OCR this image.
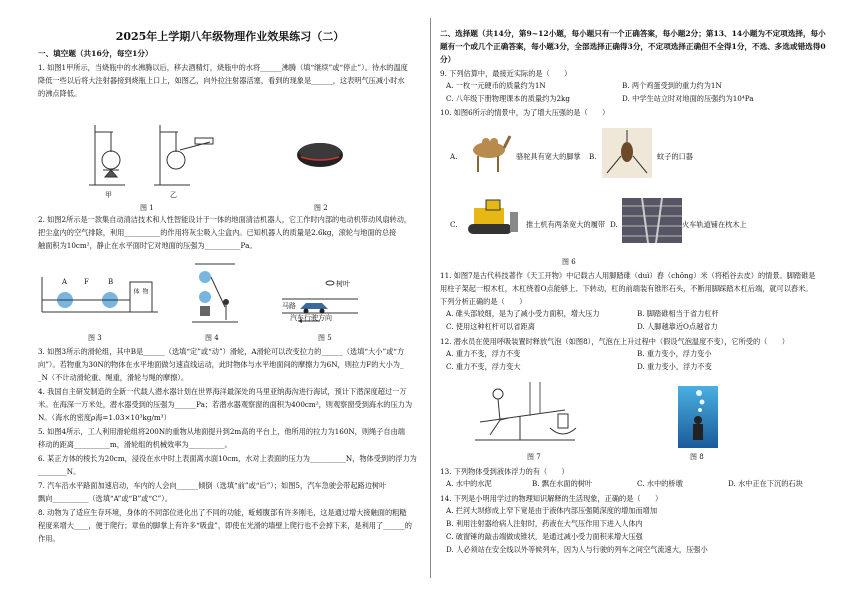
2025年上学期八年级物理作业效果练习（二）
一、填空题（共16分，每空1分）
1. 如图1甲所示，当烧瓶中的水沸腾以后，移去酒精灯，烧瓶中的水将______沸腾（填“继续”或“停止”）。待水的温度
降低一些以后将大注射器接到烧瓶上口上，如图乙，向外拉注射器活塞，看到的现象是______，这表明气压减小时水
的沸点降低。
甲	乙
图 1	图 2
2. 如图2所示是一款集自动清洁技术和人性智能设计于一体的地面清洁机器人，它工作时内部的电动机带动风扇转动，
把尘盒内的空气排除，利用__________的作用将灰尘吸入尘盒内。已知机器人的质量是2.6kg，滚轮与地面的总接
触面积为10cm²，静止在水平面时它对地面的压强为__________Pa。
A F	B
物体
图 3	图 4
树叶
马路
汽车行驶方向
图 5
3. 如图3所示的滑轮组，其中B是______（选填“定”或“动”）滑轮，A滑轮可以改变拉力的______（选填“大小”或“方
向”）。若物重为30N的物体在水平地面做匀速直线运动，此时物体与水平地面间的摩擦力为6N，则拉力F的大小为_
_N（不计动滑轮重、绳重，滑轮与绳的摩擦）。
4. 我国自主研发制造的全新一代载人潜水器计划在世界海洋最深处的马里亚纳海沟进行海试，预计下潜深度超过一万
米。在海深一万米处，潜水器受到的压强为______Pa；若潜水器观察窗的面积为400cm²，则观察窗受到海水的压力为
N。（海水的密度ρ海=1.03×10³kg/m³）
5. 如图4所示，工人利用滑轮组将200N的重物从地面提升到2m高的平台上，他所用的拉力为160N，则绳子自由端
移动的距离__________m，滑轮组的机械效率为__________。
6. 某正方体的棱长为20cm，浸没在水中时上表面离水面10cm，水对上表面的压力为__________N，物体受到的浮力为
________N。
7. 汽车沿水平路面加速启动，车内的人会向______倾倒（选填“前”或“后”）；如图5，汽车急驶会带起路边树叶
飘向__________（选填“A”或“B”或“C”）。
8. 动物为了适应生存环境，身体的不同部位进化出了不同的功能，蚯蚓腹部有许多刚毛，这是通过增大接触面的粗糙
程度来增大____，便于爬行；章鱼的脚掌上有许多“吸盘”，即使在光滑的墙壁上爬行也不会掉下来，是利用了______的
作用。
二、选择题（共14分，第9~12小题，每小题只有一个正确答案，每小题2分；第13、14小题为不定项选择，每小
题有一个或几个正确答案，每小题3分，全部选择正确得3分，不定项选择正确但不全得1分，不选、多选或错选得0
分）
9. 下列估算中，最接近实际的是（　　）
A. 一枚一元硬币的质量约为1N	B. 两个鸡蛋受到的重力约为1N
C. 八年级下册物理课本的质量约为2kg	D. 中学生站立时对地面的压强约为10⁴Pa
10. 如图6所示的情景中，为了增大压强的是（　　）
A.	骆驼具有宽大的脚掌 B.	蚊子的口器
C.	推土机有两条宽大的履带 D.	火车轨道铺在枕木上
图 6
11. 如图7是古代科技著作《天工开物》中记载古人用脚踏碓（duì）舂（chōng）米（将稻谷去皮）的情景。脚踏碓是
用柱子架起一根木杠，木杠绕着O点能够上、下转动，杠的前端装有锥形石头，不断用脚踩踏木杠后端，就可以舂米。
下列分析正确的是（　　）
A. 碓头部较细，是为了减小受力面积，增大压力	B. 脚踏碓相当于省力杠杆
C. 使用这种杠杆可以省距离	D. 人脚越靠近O点越省力
12. 潜水员在使用呼吸装置时释放气泡（如图8），气泡在上升过程中（假设气泡温度不变），它所受的（　　）
A. 重力不变，浮力不变	B. 重力变小，浮力变小
C. 重力不变，浮力变大	D. 重力变小，浮力不变
图 7	图 8
13. 下列物体受到液体浮力的有（　　）
A. 水中的水泥	B. 飘在水面的树叶	C. 水中的桥墩	D. 水中正在下沉的石块
14. 下列是小明用学过的物理知识解释的生活现象，正确的是（　　）
A. 拦河大坝修成上窄下宽是由于液体内部压强随深度的增加而增加
B. 利用注射器给病人注射时，药液在大气压作用下进入人体内
C. 破窗锤的敲击端做成锥状，是通过减小受力面积来增大压强
D. 人必须站在安全线以外等候列车，因为人与行驶的列车之间空气流速大，压强小
